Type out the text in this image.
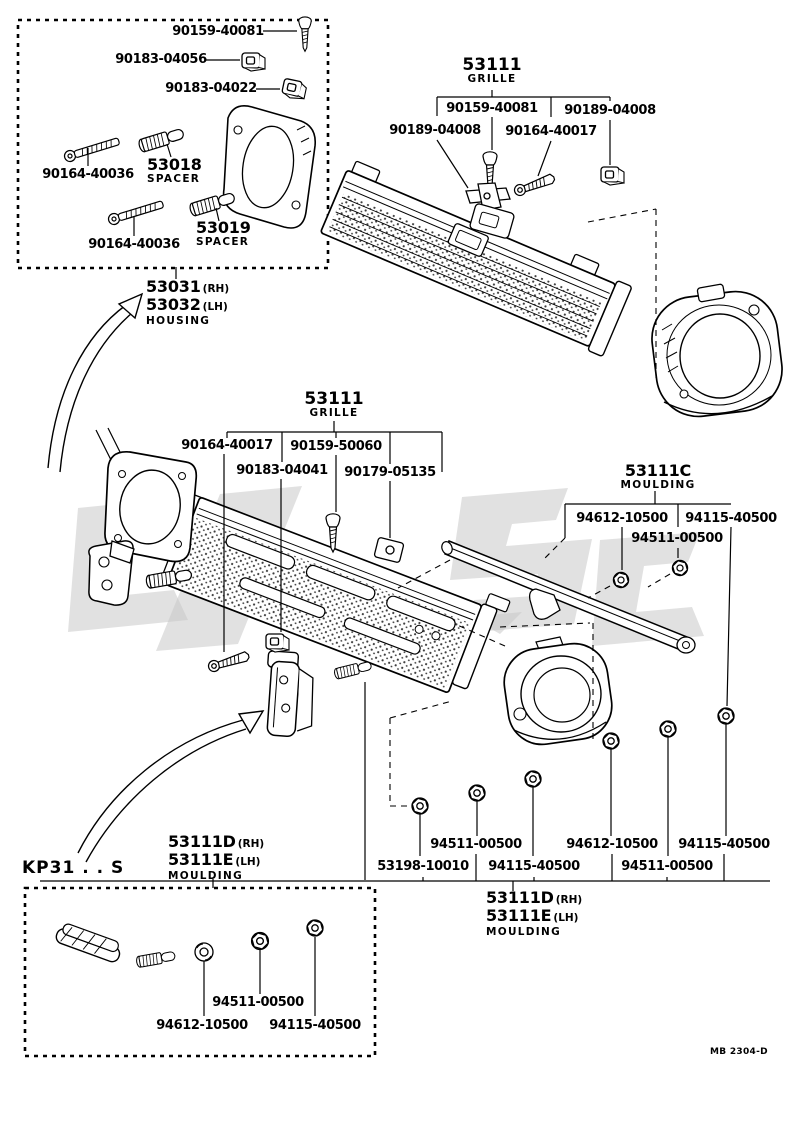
90159-40081
90183-04056
90183-04022
90164-40036
53018
SPACER
53019
SPACER
90164-40036
53031 (RH)
53032 (LH)
HOUSING
53111
GRILLE
90159-40081 90189-04008
90189-04008 90164-40017
53111
GRILLE
90164-40017 90159-50060
90183-04041 90179-05135	53111C
MOULDING
94612-10500 94115-40500
94511-00500
94511-00500	94612-10500 94115-40500
53198-10010 94115-40500	94511-00500
53111D (RH)
53111E (LH)
MOULDING
53111D (RH)
53111E (LH)
MOULDING
KP31 . . S
94511-00500
94612-10500 94115-40500
MB 2304-D
